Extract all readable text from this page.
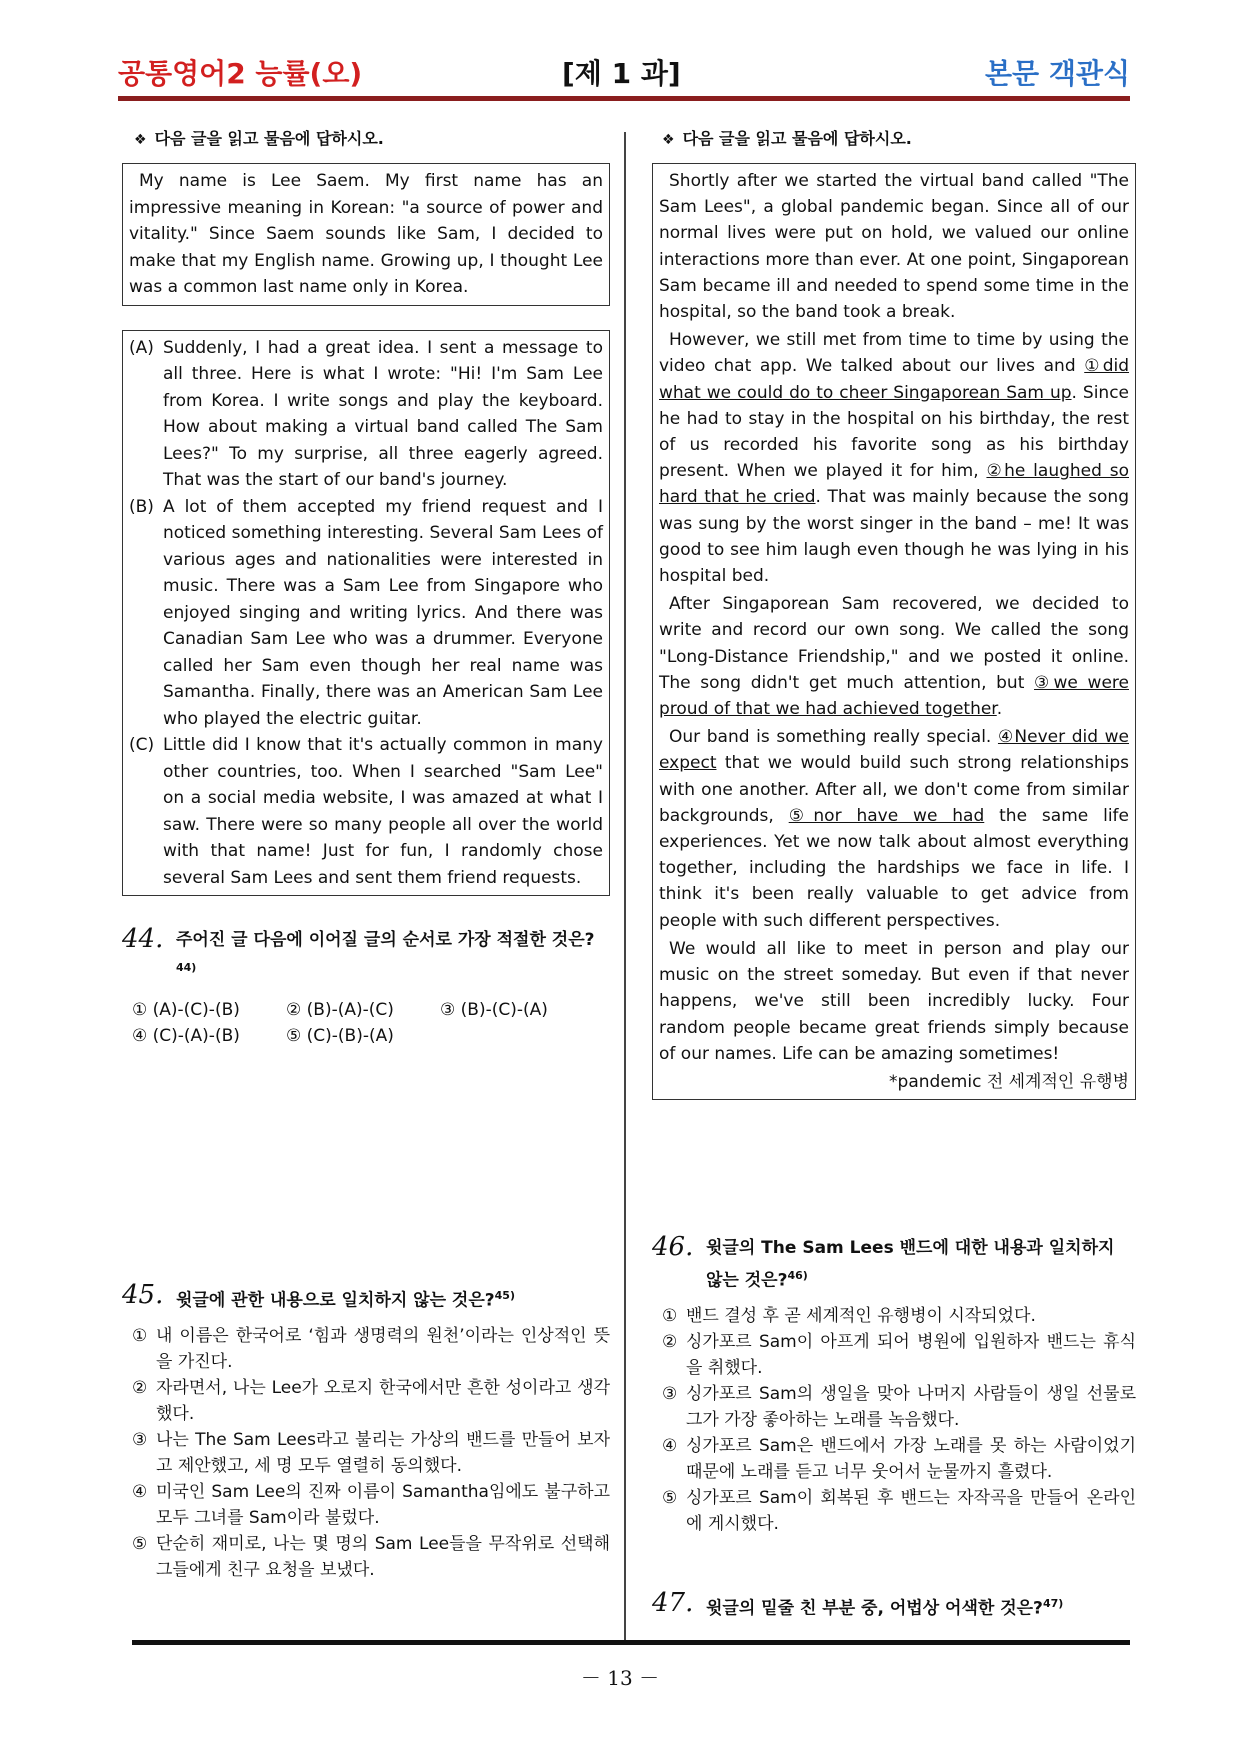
공통영어2 능률(오)	[제 1 과]	본문 객관식
❖ 다음 글을 읽고 물음에 답하시오.

My name is Lee Saem. My first name has an impressive meaning in Korean: "a source of power and vitality." Since Saem sounds like Sam, I decided to make that my English name. Growing up, I thought Lee was a common last name only in Korea.

(A) Suddenly, I had a great idea. I sent a message to all three. Here is what I wrote: "Hi! I'm Sam Lee from Korea. I write songs and play the keyboard. How about making a virtual band called The Sam Lees?" To my surprise, all three eagerly agreed. That was the start of our band's journey.
(B) A lot of them accepted my friend request and I noticed something interesting. Several Sam Lees of various ages and nationalities were interested in music. There was a Sam Lee from Singapore who enjoyed singing and writing lyrics. And there was Canadian Sam Lee who was a drummer. Everyone called her Sam even though her real name was Samantha. Finally, there was an American Sam Lee who played the electric guitar.
(C) Little did I know that it's actually common in many other countries, too. When I searched "Sam Lee" on a social media website, I was amazed at what I saw. There were so many people all over the world with that name! Just for fun, I randomly chose several Sam Lees and sent them friend requests.
44. 주어진 글 다음에 이어질 글의 순서로 가장 적절한 것은?$^{44)}$
① (A)-(C)-(B)	② (B)-(A)-(C)	③ (B)-(C)-(A)
④ (C)-(A)-(B)	⑤ (C)-(B)-(A)
45. 윗글에 관한 내용으로 일치하지 않는 것은?$^{45)}$
① 내 이름은 한국어로 ‘힘과 생명력의 원천’이라는 인상적인 뜻을 가진다.
② 자라면서, 나는 Lee가 오로지 한국에서만 흔한 성이라고 생각했다.
③ 나는 The Sam Lees라고 불리는 가상의 밴드를 만들어 보자고 제안했고, 세 명 모두 열렬히 동의했다.
④ 미국인 Sam Lee의 진짜 이름이 Samantha임에도 불구하고 모두 그녀를 Sam이라 불렀다.
⑤ 단순히 재미로, 나는 몇 명의 Sam Lee들을 무작위로 선택해 그들에게 친구 요청을 보냈다.
❖ 다음 글을 읽고 물음에 답하시오.

Shortly after we started the virtual band called "The Sam Lees", a global pandemic began. Since all of our normal lives were put on hold, we valued our online interactions more than ever. At one point, Singaporean Sam became ill and needed to spend some time in the hospital, so the band took a break.

However, we still met from time to time by using the video chat app. We talked about our lives and ①did what we could do to cheer Singaporean Sam up. Since he had to stay in the hospital on his birthday, the rest of us recorded his favorite song as his birthday present. When we played it for him, ②he laughed so hard that he cried. That was mainly because the song was sung by the worst singer in the band – me! It was good to see him laugh even though he was lying in his hospital bed.

After Singaporean Sam recovered, we decided to write and record our own song. We called the song "Long-Distance Friendship," and we posted it online. The song didn't get much attention, but ③we were proud of that we had achieved together.

Our band is something really special. ④Never did we expect that we would build such strong relationships with one another. After all, we don't come from similar backgrounds, ⑤nor have we had the same life experiences. Yet we now talk about almost everything together, including the hardships we face in life. I think it's been really valuable to get advice from people with such different perspectives.

We would all like to meet in person and play our music on the street someday. But even if that never happens, we've still been incredibly lucky. Four random people became great friends simply because of our names. Life can be amazing sometimes!

*pandemic 전 세계적인 유행병
46. 윗글의 The Sam Lees 밴드에 대한 내용과 일치하지 않는 것은?$^{46)}$
① 밴드 결성 후 곧 세계적인 유행병이 시작되었다.
② 싱가포르 Sam이 아프게 되어 병원에 입원하자 밴드는 휴식을 취했다.
③ 싱가포르 Sam의 생일을 맞아 나머지 사람들이 생일 선물로 그가 가장 좋아하는 노래를 녹음했다.
④ 싱가포르 Sam은 밴드에서 가장 노래를 못 하는 사람이었기 때문에 노래를 듣고 너무 웃어서 눈물까지 흘렸다.
⑤ 싱가포르 Sam이 회복된 후 밴드는 자작곡을 만들어 온라인에 게시했다.
47. 윗글의 밑줄 친 부분 중, 어법상 어색한 것은?$^{47)}$
－ 13 －
